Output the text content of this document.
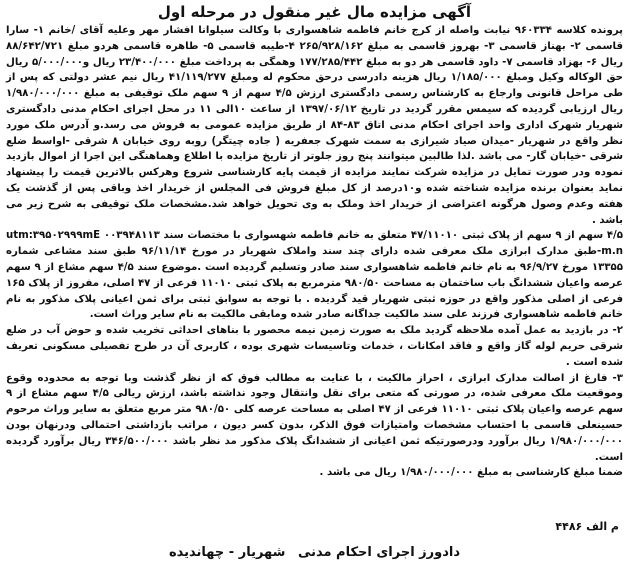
آگهی مزایده مال غیر منقول در مرحله اول

پرونده کلاسه ۹۶۰۳۳۴ نیابت واصله از کرج خانم فاطمه شاهسواری با وکالت سیلوانا افشار مهر وعلیه آقای /خانم ۱- سارا قاسمی ۲- بهناز قاسمی ۳- بهروز قاسمی به مبلغ ۲۶۵/۹۲۸/۱۶۲ ۴-طیبه قاسمی ۵- طاهره قاسمی هردو مبلغ ۸۸/۶۴۲/۷۲۱ ریال ۶- بهزاد قاسمی ۷- داود قاسمی هر دو به مبلغ ۱۷۷/۲۸۵/۴۴۲ وهمگی به پرداخت مبلغ ۲۳/۴۰۰/۰۰۰ ریال و۵/۰۰۰/۰۰۰ ریال حق الوکاله وکیل ومبلغ ۱/۱۸۵/۰۰۰ ریال هزینه دادرسی درحق محکوم له ومبلغ ۴۱/۱۱۹/۲۷۷ ریال نیم عشر دولتی که پس از طی مراحل قانونی وارجاع به کارشناس رسمی دادگستری ارزش ۴/۵ سهم از ۹ سهم ملک توقیفی به مبلغ ۱/۹۸۰/۰۰۰/۰۰۰ ریال ارزیابی گردیده که سیمس مقرر گردید در تاریخ ۱۳۹۷/۰۶/۱۲ از ساعت ۱۰الی ۱۱ در محل اجرای احکام مدنی دادگستری شهریار شهرک اداری واحد اجرای احکام مدنی اتاق ۸۳-۸۴ از طریق مزایده عمومی به فروش می رسد.و آدرس ملک مورد نظر واقع در شهریار -میدان صیاد شیرازی به سمت شهرک جعفریه ( جاده چیتگر) روبه روی خیابان ۸ شرقی -اواسط ضلع شرقی -خیابان گار- می باشد .لذا طالبین میتوانند پنج روز جلوتر از تاریخ مزایده با اطلاع وهماهنگی این اجرا از اموال بازدید نموده ودر صورت تمایل در مزایده شرکت نمایند مزایده از قیمت پایه کارشناسی شروع وهرکس بالاترین قیمت را پیشنهاد نماید بعنوان برنده مزایده شناخته شده و۱۰درصد از کل مبلغ فروش فی المجلس از خریدار اخذ وباقی پس از گذشت یک هفته وعدم وصول هرگونه اعتراضی از خریدار اخذ وملک به وی تحویل خواهد شد.مشخصات ملک توقیفی به شرح زیر می باشد .

۴/۵ سهم از ۹ سهم از پلاک ثبتی ۴۷/۱۱۰۱۰ متعلق به خانم فاطمه شهسواری با مختصات سند utm:۳۹۵۰۲۹۹۹mE ۰۰۳۹۴۸۱۱۳ m.n-طبق مدارک ابرازی ملک معرفی شده دارای چند سند واملاک شهریار در مورخ ۹۶/۱۱/۱۴ طبق سند مشاعی شماره ۱۳۳۵۵ مورخ ۹۶/۹/۲۷ به نام خانم فاطمه شاهسواری سند صادر وتسلیم گردیده است .موضوع سند ۴/۵ سهم مشاع از ۹ سهم عرصه واعیان ششدانگ باب ساختمان به مساحت ۹۸۰/۵۰ مترمربع به پلاک ثبتی ۱۱۰۱۰ فرعی از ۴۷ اصلی، مفروز از پلاک ۱۶۵ فرعی از اصلی مذکور واقع در حوزه ثبتی شهریار قید گردیده . با توجه به سوابق ثبتی برای ثمن اعیانی پلاک مذکور به نام خانم فاطمه شاهسواری فرزند علی سند مالکیت جداگانه صادر شده ومابقی مالکیت به نام سایر وراث است.

۲- در بازدید به عمل آمده ملاحظه گردید ملک به صورت زمین نیمه محصور با بناهای احداثی تخریب شده و حوض آب در ضلع شرقی حریم لوله گاز واقع و فاقد امکانات ، خدمات وتاسیسات شهری بوده ، کاربری آن در طرح تفصیلی مسکونی تعریف شده است .

۳- فارغ از اصالت مدارک ابرازی ، احراز مالکیت ، با عنایت به مطالب فوق که از نظر گذشت وبا توجه به محدوده وقوع وموقعیت ملک معرفی شده، در صورتی که متعی برای نقل وانتقال وجود نداشته باشد، ارزش ریالی ۴/۵ سهم مشاع از ۹ سهم عرصه واعیان پلاک ثبتی ۱۱۰۱۰ فرعی از ۴۷ اصلی به مساحت عرصه کلی ۹۸۰/۵۰ متر مربع متعلق به سایر وراث مرحوم حسینعلی قاسمی با احتساب مشخصات وامتیازات فوق الذکر، بدون کسر دیون ، مراتب بازداشتی احتمالی ودرنهان بودن ۱/۹۸۰/۰۰۰/۰۰۰ ریال برآورد ودرصورتیکه ثمن اعیانی از ششدانگ پلاک مذکور مد نظر باشد ۳۴۶/۵۰۰/۰۰۰ ریال برآورد گردیده است.

ضمنا مبلغ کارشناسی به مبلغ ۱/۹۸۰/۰۰۰/۰۰۰ ریال می باشد .

م الف ۴۴۸۶
دادورز اجرای احکام مدنی شهریار - چهاندیده
